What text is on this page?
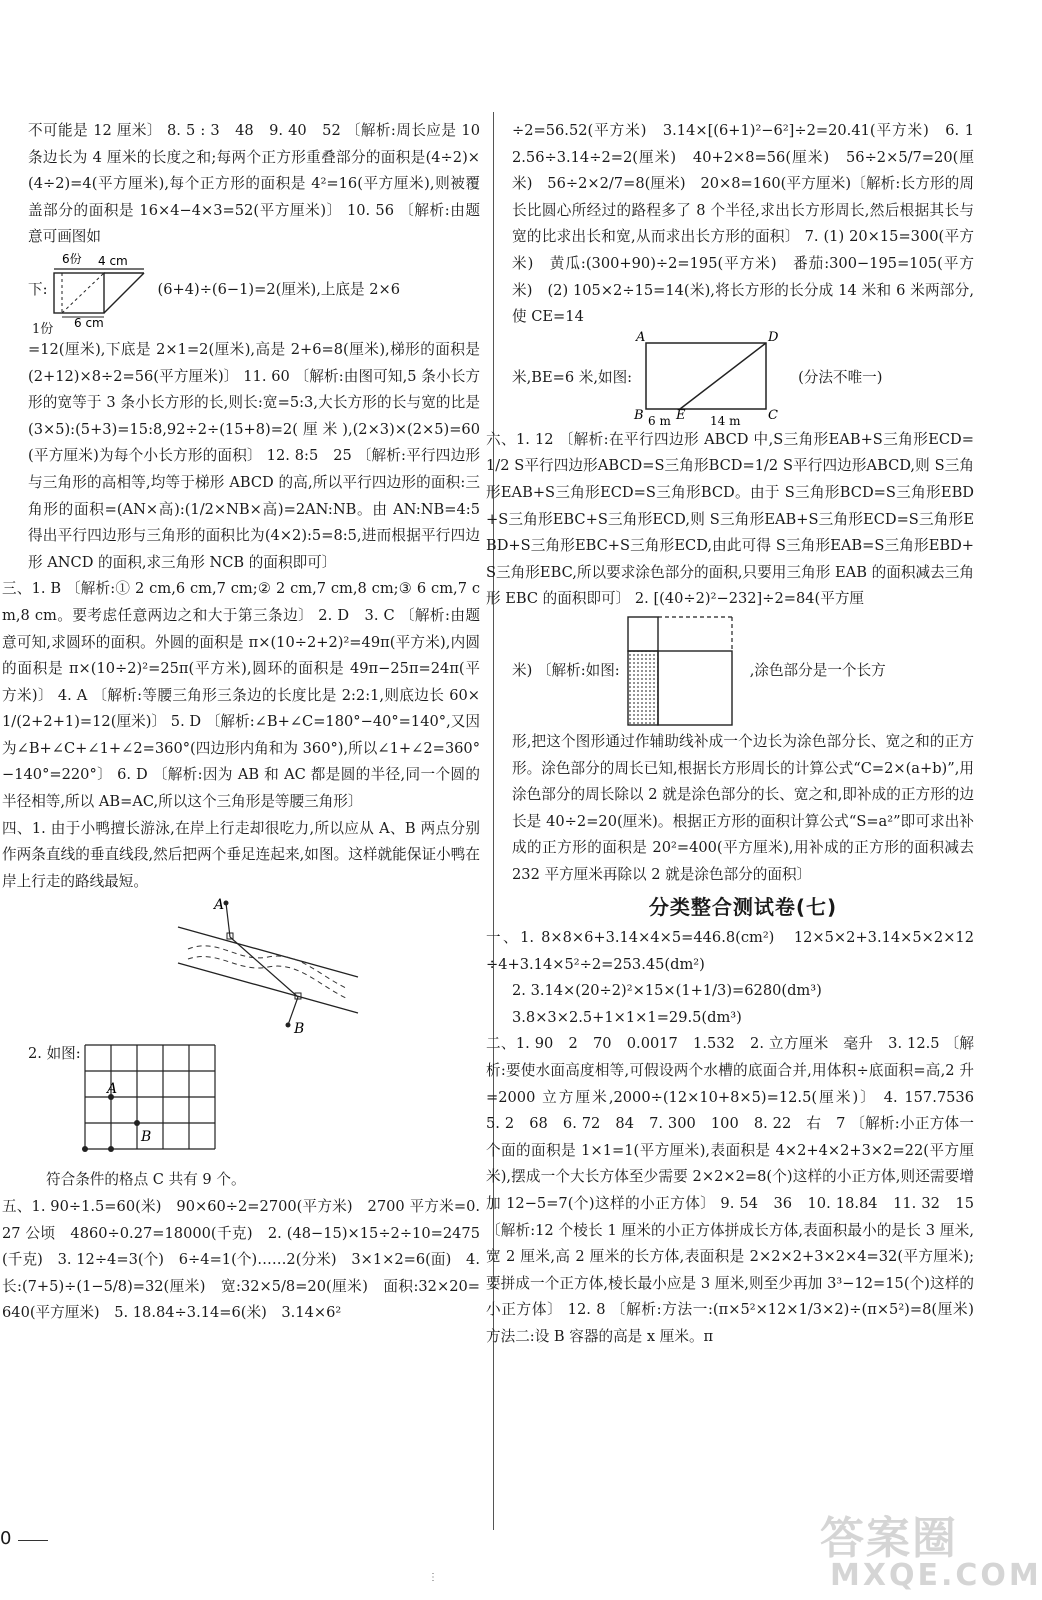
不可能是 12 厘米〕 8. 5 : 3　48　9. 40　52 〔解析:周长应是 10 条边长为 4 厘米的长度之和;每两个正方形重叠部分的面积是(4÷2)×(4÷2)=4(平方厘米),每个正方形的面积是 4²=16(平方厘米),则被覆盖部分的面积是 16×4−4×3=52(平方厘米)〕 10. 56 〔解析:由题意可画图如

下:
6份 4 cm
6 cm
(6+4)÷(6−1)=2(厘米),上底是 2×6
1份

=12(厘米),下底是 2×1=2(厘米),高是 2+6=8(厘米),梯形的面积是(2+12)×8÷2=56(平方厘米)〕 11. 60 〔解析:由图可知,5 条小长方形的宽等于 3 条小长方形的长,则长:宽=5:3,大长方形的长与宽的比是(3×5):(5+3)=15:8,92÷2÷(15+8)=2(厘米),(2×3)×(2×5)=60(平方厘米)为每个小长方形的面积〕 12. 8:5　25 〔解析:平行四边形与三角形的高相等,均等于梯形 ABCD 的高,所以平行四边形的面积:三角形的面积=(AN×高):(1/2×NB×高)=2AN:NB。由 AN:NB=4:5 得出平行四边形与三角形的面积比为(4×2):5=8:5,进而根据平行四边形 ANCD 的面积,求三角形 NCB 的面积即可〕

三、1. B 〔解析:① 2 cm,6 cm,7 cm;② 2 cm,7 cm,8 cm;③ 6 cm,7 cm,8 cm。要考虑任意两边之和大于第三条边〕 2. D　3. C 〔解析:由题意可知,求圆环的面积。外圆的面积是 π×(10÷2+2)²=49π(平方米),内圆的面积是 π×(10÷2)²=25π(平方米),圆环的面积是 49π−25π=24π(平方米)〕 4. A 〔解析:等腰三角形三条边的长度比是 2:2:1,则底边长 60×1/(2+2+1)=12(厘米)〕 5. D 〔解析:∠B+∠C=180°−40°=140°,又因为∠B+∠C+∠1+∠2=360°(四边形内角和为 360°),所以∠1+∠2=360°−140°=220°〕 6. D 〔解析:因为 AB 和 AC 都是圆的半径,同一个圆的半径相等,所以 AB=AC,所以这个三角形是等腰三角形〕

四、1. 由于小鸭擅长游泳,在岸上行走却很吃力,所以应从 A、B 两点分别作两条直线的垂直线段,然后把两个垂足连起来,如图。这样就能保证小鸭在岸上行走的路线最短。

A
B
2. 如图:
A
B

符合条件的格点 C 共有 9 个。

五、1. 90÷1.5=60(米)　90×60÷2=2700(平方米)　2700 平方米=0.27 公顷　4860÷0.27=18000(千克)　2. (48−15)×15÷2÷10=2475(千克)　3. 12÷4=3(个)　6÷4=1(个)……2(分米)　3×1×2=6(面)　4. 长:(7+5)÷(1−5/8)=32(厘米)　宽:32×5/8=20(厘米)　面积:32×20=640(平方厘米)　5. 18.84÷3.14=6(米)　3.14×6²

÷2=56.52(平方米)　3.14×[(6+1)²−6²]÷2=20.41(平方米)　6. 12.56÷3.14÷2=2(厘米)　40+2×8=56(厘米)　56÷2×5/7=20(厘米)　56÷2×2/7=8(厘米)　20×8=160(平方厘米)〔解析:长方形的周长比圆心所经过的路程多了 8 个半径,求出长方形周长,然后根据其长与宽的比求出长和宽,从而求出长方形的面积〕 7. (1) 20×15=300(平方米)　黄瓜:(300+90)÷2=195(平方米)　番茄:300−195=105(平方米)　(2) 105×2÷15=14(米),将长方形的长分成 14 米和 6 米两部分,使 CE=14

米,BE=6 米,如图:
A	D
B E	C
6 m	14 m
(分法不唯一)

六、1. 12 〔解析:在平行四边形 ABCD 中,S三角形EAB+S三角形ECD=1/2 S平行四边形ABCD=S三角形BCD=1/2 S平行四边形ABCD,则 S三角形EAB+S三角形ECD=S三角形BCD。由于 S三角形BCD=S三角形EBD+S三角形EBC+S三角形ECD,则 S三角形EAB+S三角形ECD=S三角形EBD+S三角形EBC+S三角形ECD,由此可得 S三角形EAB=S三角形EBD+S三角形EBC,所以要求涂色部分的面积,只要用三角形 EAB 的面积减去三角形 EBC 的面积即可〕 2. [(40÷2)²−232]÷2=84(平方厘

米) 〔解析:如图:	,涂色部分是一个长方

形,把这个图形通过作辅助线补成一个边长为涂色部分长、宽之和的正方形。涂色部分的周长已知,根据长方形周长的计算公式“C=2×(a+b)”,用涂色部分的周长除以 2 就是涂色部分的长、宽之和,即补成的正方形的边长是 40÷2=20(厘米)。根据正方形的面积计算公式“S=a²”即可求出补成的正方形的面积是 20²=400(平方厘米),用补成的正方形的面积减去 232 平方厘米再除以 2 就是涂色部分的面积〕

分类整合测试卷(七)

一、1. 8×8×6+3.14×4×5=446.8(cm²)　12×5×2+3.14×5×2×12÷4+3.14×5²÷2=253.45(dm²)

2. 3.14×(20÷2)²×15×(1+1/3)=6280(dm³)

3.8×3×2.5+1×1×1=29.5(dm³)

二、1. 90　2　70　0.0017　1.532　2. 立方厘米　毫升　3. 12.5 〔解析:要使水面高度相等,可假设两个水槽的底面合并,用体积÷底面积=高,2 升=2000 立方厘米,2000÷(12×10+8×5)=12.5(厘米)〕 4. 157.7536　5. 2　68　6. 72　84　7. 300　100　8. 22　右　7 〔解析:小正方体一个面的面积是 1×1=1(平方厘米),表面积是 4×2+4×2+3×2=22(平方厘米),摆成一个大长方体至少需要 2×2×2=8(个)这样的小正方体,则还需要增加 12−5=7(个)这样的小正方体〕 9. 54　36　10. 18.84　11. 32　15 〔解析:12 个棱长 1 厘米的小正方体拼成长方体,表面积最小的是长 3 厘米,宽 2 厘米,高 2 厘米的长方体,表面积是 2×2×2+3×2×4=32(平方厘米);要拼成一个正方体,棱长最小应是 3 厘米,则至少再加 3³−12=15(个)这样的小正方体〕 12. 8 〔解析:方法一:(π×5²×12×1/3×2)÷(π×5²)=8(厘米)　方法二:设 B 容器的高是 x 厘米。π

0
⋮
答案圈
MXQE.COM
